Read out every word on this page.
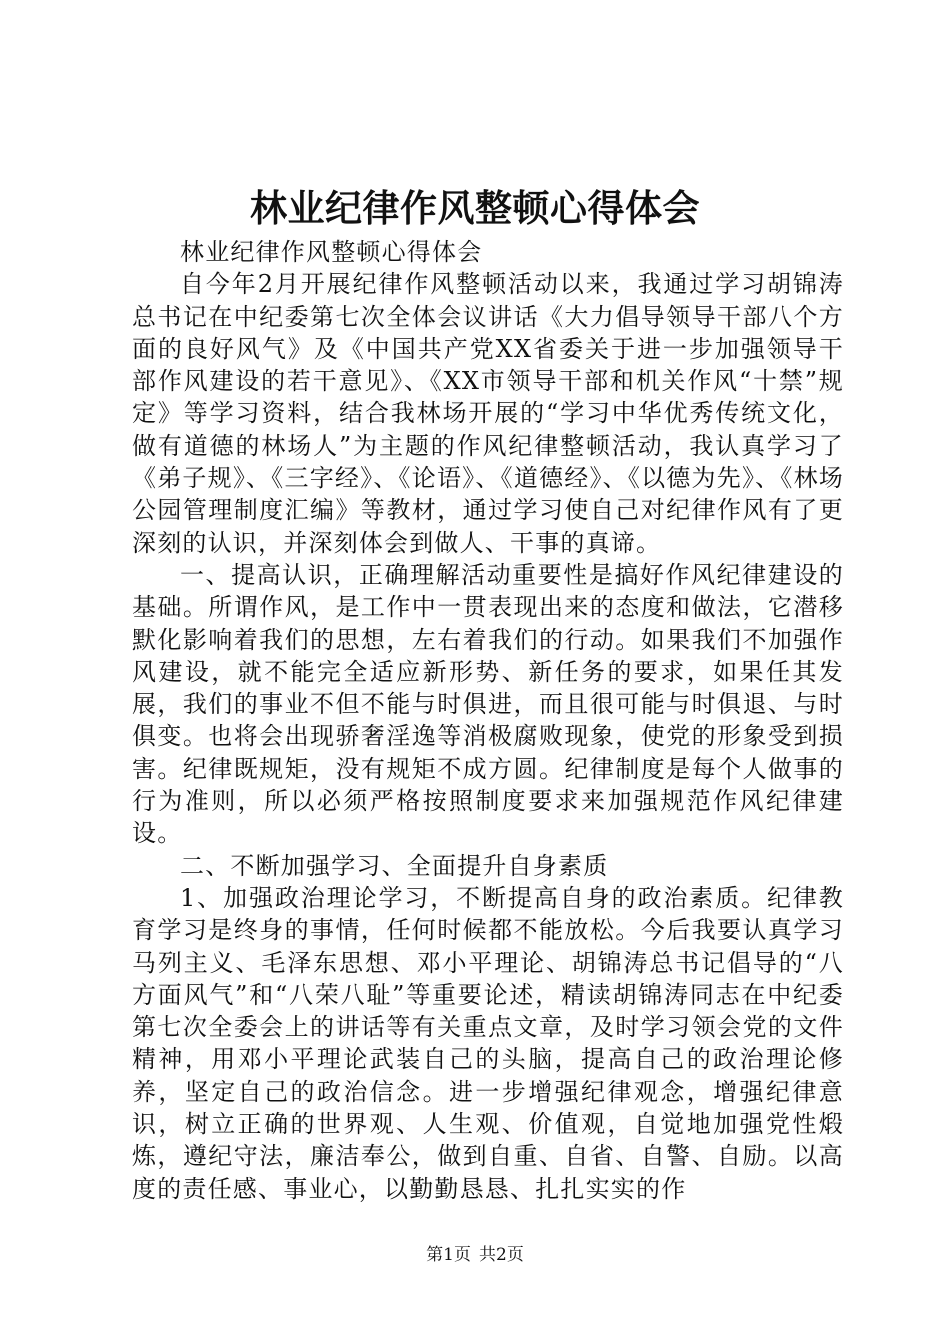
林业纪律作风整顿心得体会

林业纪律作风整顿心得体会

自今年2月开展纪律作风整顿活动以来，我通过学习胡锦涛总书记在中纪委第七次全体会议讲话《大力倡导领导干部八个方面的良好风气》及《中国共产党XX省委关于进一步加强领导干部作风建设的若干意见》、《XX市领导干部和机关作风“十禁”规定》等学习资料，结合我林场开展的“学习中华优秀传统文化，做有道德的林场人”为主题的作风纪律整顿活动，我认真学习了《弟子规》、《三字经》、《论语》、《道德经》、《以德为先》、《林场公园管理制度汇编》等教材，通过学习使自己对纪律作风有了更深刻的认识，并深刻体会到做人、干事的真谛。

一、提高认识，正确理解活动重要性是搞好作风纪律建设的基础。所谓作风，是工作中一贯表现出来的态度和做法，它潜移默化影响着我们的思想，左右着我们的行动。如果我们不加强作风建设，就不能完全适应新形势、新任务的要求，如果任其发展，我们的事业不但不能与时俱进，而且很可能与时俱退、与时俱变。也将会出现骄奢淫逸等消极腐败现象，使党的形象受到损害。纪律既规矩，没有规矩不成方圆。纪律制度是每个人做事的行为准则，所以必须严格按照制度要求来加强规范作风纪律建设。

二、不断加强学习、全面提升自身素质

1、加强政治理论学习，不断提高自身的政治素质。纪律教育学习是终身的事情，任何时候都不能放松。今后我要认真学习马列主义、毛泽东思想、邓小平理论、胡锦涛总书记倡导的“八方面风气”和“八荣八耻”等重要论述，精读胡锦涛同志在中纪委第七次全委会上的讲话等有关重点文章，及时学习领会党的文件精神，用邓小平理论武装自己的头脑，提高自己的政治理论修养，坚定自己的政治信念。进一步增强纪律观念，增强纪律意识，树立正确的世界观、人生观、价值观，自觉地加强党性煅炼，遵纪守法，廉洁奉公，做到自重、自省、自警、自励。以高度的责任感、事业心，以勤勤恳恳、扎扎实实的作

第1页 共2页
